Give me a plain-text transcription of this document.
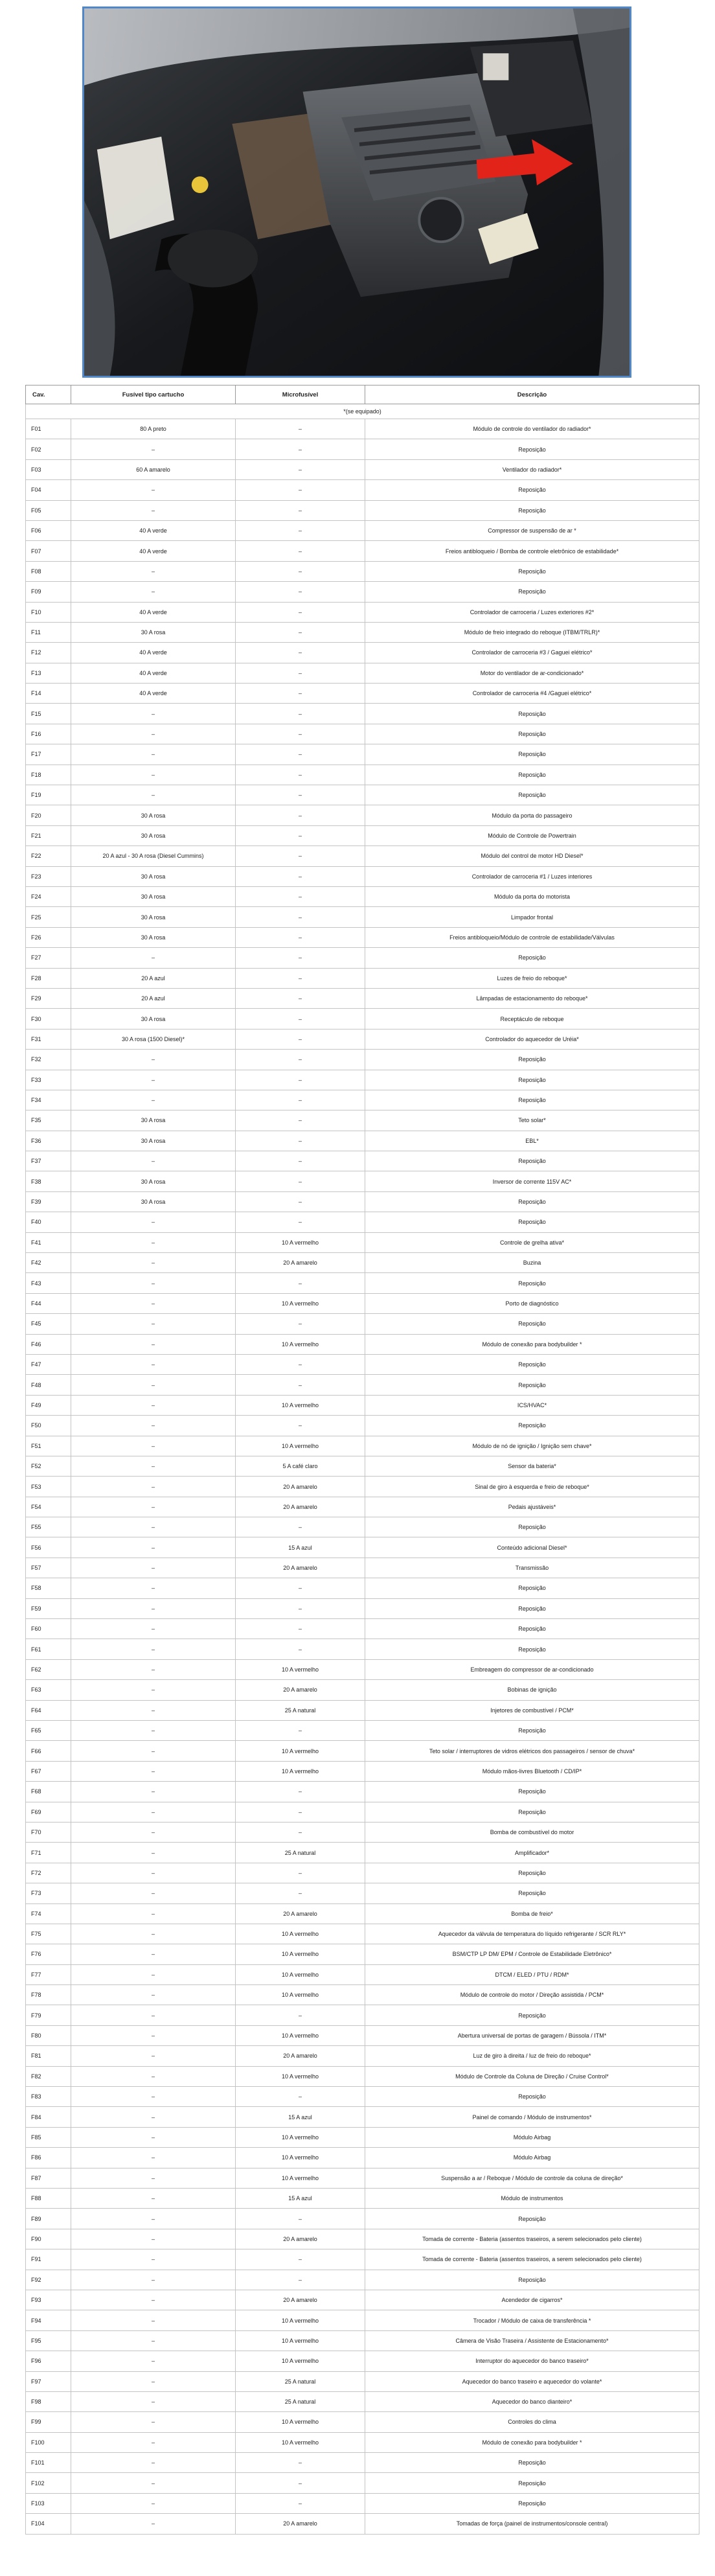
Cav.	Fusível tipo cartucho	Microfusível	Descrição
*(se equipado)			
F01	80 A preto	–	Módulo de controle do ventilador do radiador*
F02	–	–	Reposição
F03	60 A amarelo	–	Ventilador do radiador*
F04	–	–	Reposição
F05	–	–	Reposição
F06	40 A verde	–	Compressor de suspensão de ar *
F07	40 A verde	–	Freios antibloqueio / Bomba de controle eletrônico de estabilidade*
F08	–	–	Reposição
F09	–	–	Reposição
F10	40 A verde	–	Controlador de carroceria / Luzes exteriores #2*
F11	30 A rosa	–	Módulo de freio integrado do reboque (ITBM/TRLR)*
F12	40 A verde	–	Controlador de carroceria #3 / Gaguei elétrico*
F13	40 A verde	–	Motor do ventilador de ar-condicionado*
F14	40 A verde	–	Controlador de carroceria #4 /Gaguei elétrico*
F15	–	–	Reposição
F16	–	–	Reposição
F17	–	–	Reposição
F18	–	–	Reposição
F19	–	–	Reposição
F20	30 A rosa	–	Módulo da porta do passageiro
F21	30 A rosa	–	Módulo de Controle de Powertrain
F22	20 A azul - 30 A rosa (Diesel Cummins)	–	Módulo del control de motor HD Diesel*
F23	30 A rosa	–	Controlador de carroceria #1 / Luzes interiores
F24	30 A rosa	–	Módulo da porta do motorista
F25	30 A rosa	–	Limpador frontal
F26	30 A rosa	–	Freios antibloqueio/Módulo de controle de estabilidade/Válvulas
F27	–	–	Reposição
F28	20 A azul	–	Luzes de freio do reboque*
F29	20 A azul	–	Lâmpadas de estacionamento do reboque*
F30	30 A rosa	–	Receptáculo de reboque
F31	30 A rosa (1500 Diesel)*	–	Controlador do aquecedor de Uréia*
F32	–	–	Reposição
F33	–	–	Reposição
F34	–	–	Reposição
F35	30 A rosa	–	Teto solar*
F36	30 A rosa	–	EBL*
F37	–	–	Reposição
F38	30 A rosa	–	Inversor de corrente 115V AC*
F39	30 A rosa	–	Reposição
F40	–	–	Reposição
F41	–	10 A vermelho	Controle de grelha ativa*
F42	–	20 A amarelo	Buzina
F43	–	–	Reposição
F44	–	10 A vermelho	Porto de diagnóstico
F45	–	–	Reposição
F46	–	10 A vermelho	Módulo de conexão para bodybuilder *
F47	–	–	Reposição
F48	–	–	Reposição
F49	–	10 A vermelho	ICS/HVAC*
F50	–	–	Reposição
F51	–	10 A vermelho	Módulo de nó de ignição / Ignição sem chave*
F52	–	5 A café claro	Sensor da bateria*
F53	–	20 A amarelo	Sinal de giro à esquerda e freio de reboque*
F54	–	20 A amarelo	Pedais ajustáveis*
F55	–	–	Reposição
F56	–	15 A azul	Conteúdo adicional Diesel*
F57	–	20 A amarelo	Transmissão
F58	–	–	Reposição
F59	–	–	Reposição
F60	–	–	Reposição
F61	–	–	Reposição
F62	–	10 A vermelho	Embreagem do compressor de ar-condicionado
F63	–	20 A amarelo	Bobinas de ignição
F64	–	25 A natural	Injetores de combustível / PCM*
F65	–	–	Reposição
F66	–	10 A vermelho	Teto solar / interruptores de vidros elétricos dos passageiros / sensor de chuva*
F67	–	10 A vermelho	Módulo mãos-livres Bluetooth / CD/IP*
F68	–	–	Reposição
F69	–	–	Reposição
F70	–	–	Bomba de combustível do motor
F71	–	25 A natural	Amplificador*
F72	–	–	Reposição
F73	–	–	Reposição
F74	–	20 A amarelo	Bomba de freio*
F75	–	10 A vermelho	Aquecedor da válvula de temperatura do líquido refrigerante / SCR RLY*
F76	–	10 A vermelho	BSM/CTP LP DM/ EPM / Controle de Estabilidade Eletrônico*
F77	–	10 A vermelho	DTCM / ELED / PTU / RDM*
F78	–	10 A vermelho	Módulo de controle do motor / Direção assistida / PCM*
F79	–	–	Reposição
F80	–	10 A vermelho	Abertura universal de portas de garagem / Bússola / ITM*
F81	–	20 A amarelo	Luz de giro à direita / luz de freio do reboque*
F82	–	10 A vermelho	Módulo de Controle da Coluna de Direção / Cruise Control*
F83	–	–	Reposição
F84	–	15 A azul	Painel de comando / Módulo de instrumentos*
F85	–	10 A vermelho	Módulo Airbag
F86	–	10 A vermelho	Módulo Airbag
F87	–	10 A vermelho	Suspensão a ar / Reboque / Módulo de controle da coluna de direção*
F88	–	15 A azul	Módulo de instrumentos
F89	–	–	Reposição
F90	–	20 A amarelo	Tomada de corrente - Bateria (assentos traseiros, a serem selecionados pelo cliente)
F91	–	–	Tomada de corrente - Bateria (assentos traseiros, a serem selecionados pelo cliente)
F92	–	–	Reposição
F93	–	20 A amarelo	Acendedor de cigarros*
F94	–	10 A vermelho	Trocador / Módulo de caixa de transferência *
F95	–	10 A vermelho	Câmera de Visão Traseira / Assistente de Estacionamento*
F96	–	10 A vermelho	Interruptor do aquecedor do banco traseiro*
F97	–	25 A natural	Aquecedor do banco traseiro e aquecedor do volante*
F98	–	25 A natural	Aquecedor do banco dianteiro*
F99	–	10 A vermelho	Controles do clima
F100	–	10 A vermelho	Módulo de conexão para bodybuilder *
F101	–	–	Reposição
F102	–	–	Reposição
F103	–	–	Reposição
F104	–	20 A amarelo	Tomadas de força (painel de instrumentos/console central)
